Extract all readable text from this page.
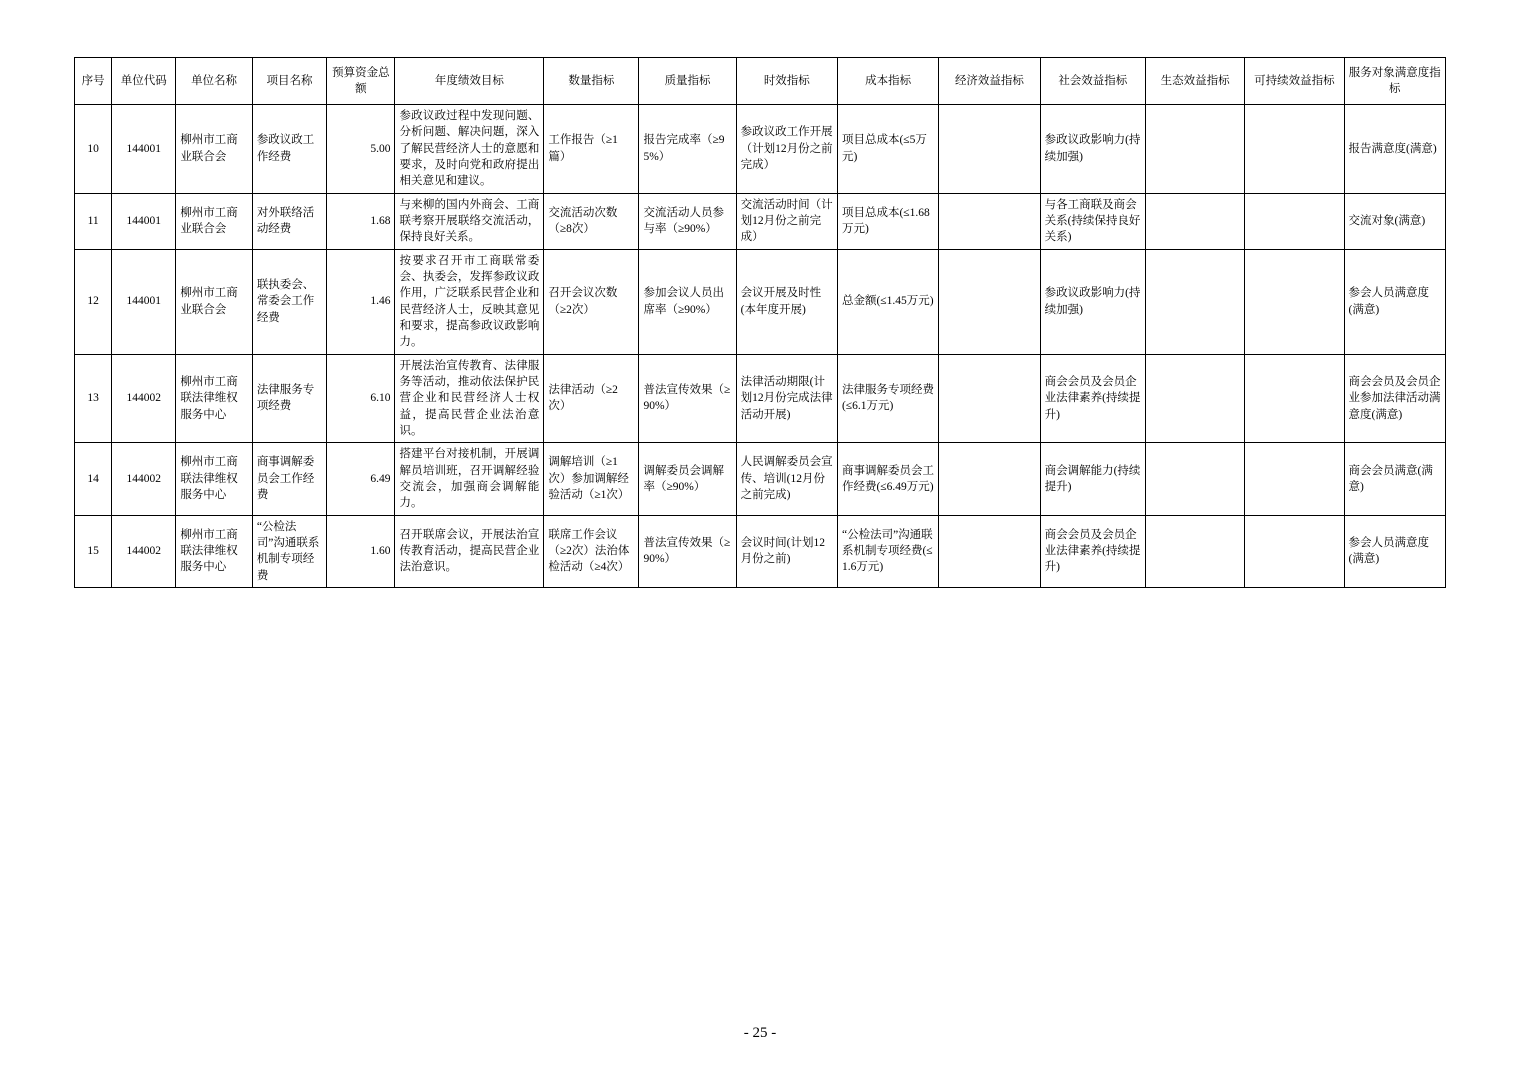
序号	单位代码	单位名称	项目名称	预算资金总额	年度绩效目标	数量指标	质量指标	时效指标	成本指标	经济效益指标	社会效益指标	生态效益指标	可持续效益指标	服务对象满意度指标
10	144001	柳州市工商业联合会	参政议政工作经费	5.00	参政议政过程中发现问题、分析问题、解决问题，深入了解民营经济人士的意愿和要求，及时向党和政府提出相关意见和建议。	工作报告（≥1篇）	报告完成率（≥95%）	参政议政工作开展（计划12月份之前完成）	项目总成本(≤5万元)		参政议政影响力(持续加强)			报告满意度(满意)
11	144001	柳州市工商业联合会	对外联络活动经费	1.68	与来柳的国内外商会、工商联考察开展联络交流活动，保持良好关系。	交流活动次数（≥8次）	交流活动人员参与率（≥90%）	交流活动时间（计划12月份之前完成）	项目总成本(≤1.68万元)		与各工商联及商会关系(持续保持良好关系)			交流对象(满意)
12	144001	柳州市工商业联合会	联执委会、常委会工作经费	1.46	按要求召开市工商联常委会、执委会，发挥参政议政作用，广泛联系民营企业和民营经济人士，反映其意见和要求，提高参政议政影响力。	召开会议次数（≥2次）	参加会议人员出席率（≥90%）	会议开展及时性(本年度开展)	总金额(≤1.45万元)		参政议政影响力(持续加强)			参会人员满意度(满意)
13	144002	柳州市工商联法律维权服务中心	法律服务专项经费	6.10	开展法治宣传教育、法律服务等活动，推动依法保护民营企业和民营经济人士权益，提高民营企业法治意识。	法律活动（≥2次）	普法宣传效果（≥90%）	法律活动期限(计划12月份完成法律活动开展)	法律服务专项经费(≤6.1万元)		商会会员及会员企业法律素养(持续提升)			商会会员及会员企业参加法律活动满意度(满意)
14	144002	柳州市工商联法律维权服务中心	商事调解委员会工作经费	6.49	搭建平台对接机制，开展调解员培训班，召开调解经验交流会，加强商会调解能力。	调解培训（≥1次）参加调解经验活动（≥1次）	调解委员会调解率（≥90%）	人民调解委员会宣传、培训(12月份之前完成)	商事调解委员会工作经费(≤6.49万元)		商会调解能力(持续提升)			商会会员满意(满意)
15	144002	柳州市工商联法律维权服务中心	“公检法司”沟通联系机制专项经费	1.60	召开联席会议，开展法治宣传教育活动，提高民营企业法治意识。	联席工作会议（≥2次）法治体检活动（≥4次）	普法宣传效果（≥90%）	会议时间(计划12月份之前)	“公检法司”沟通联系机制专项经费(≤1.6万元)		商会会员及会员企业法律素养(持续提升)			参会人员满意度(满意)
- 25 -
